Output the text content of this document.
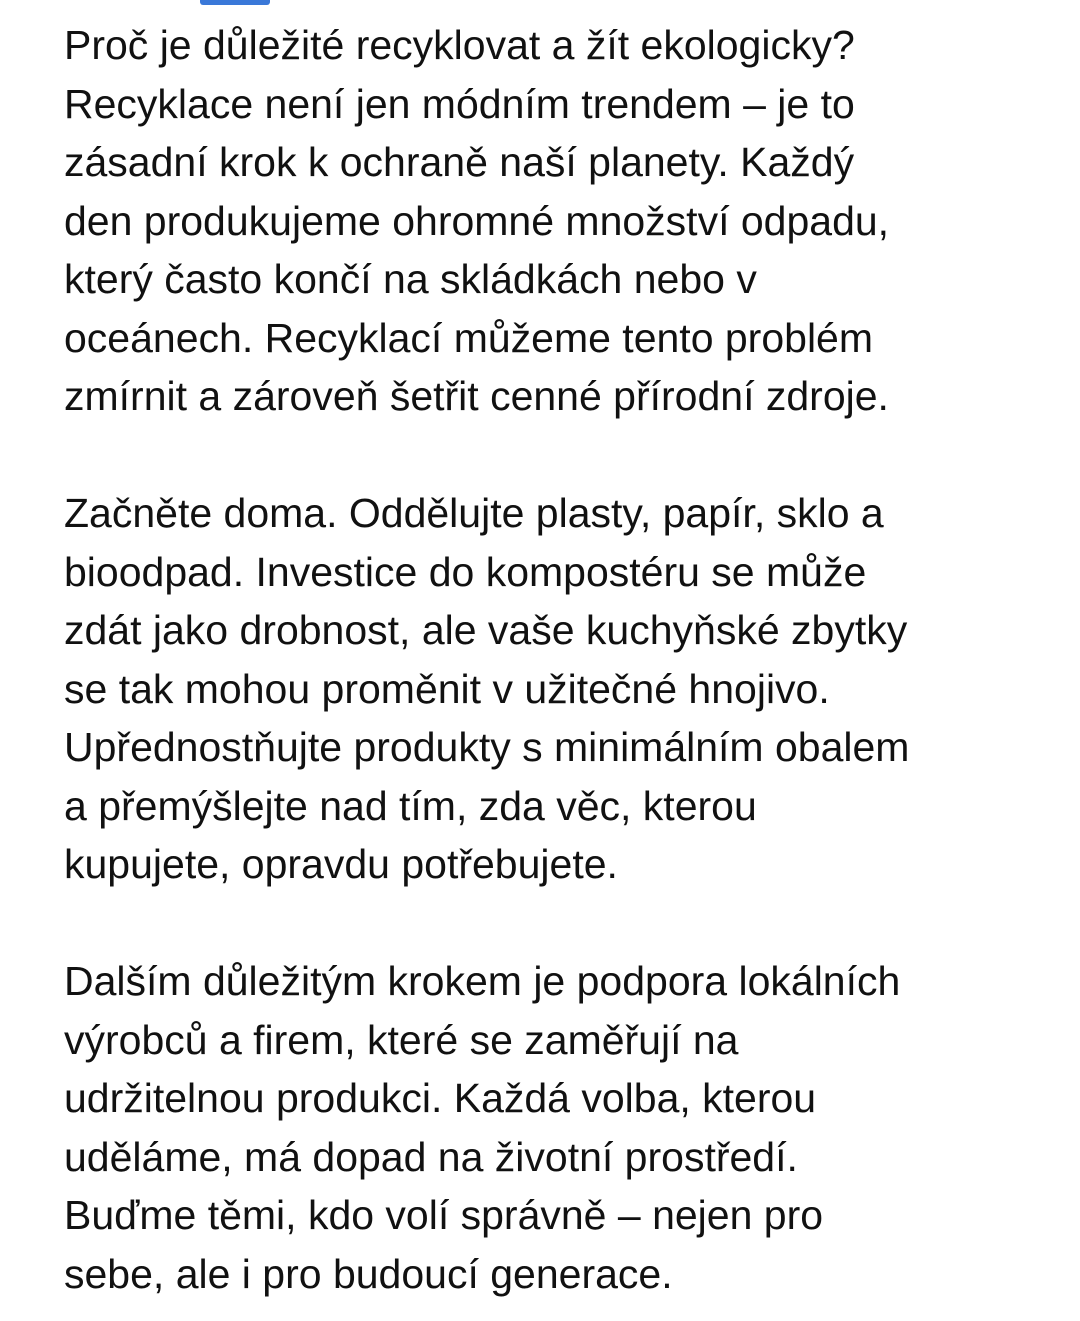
Proč je důležité recyklovat a žít ekologicky?
Recyklace není jen módním trendem – je to
zásadní krok k ochraně naší planety. Každý
den produkujeme ohromné množství odpadu,
který často končí na skládkách nebo v
oceánech. Recyklací můžeme tento problém
zmírnit a zároveň šetřit cenné přírodní zdroje.

Začněte doma. Oddělujte plasty, papír, sklo a
bioodpad. Investice do kompostéru se může
zdát jako drobnost, ale vaše kuchyňské zbytky
se tak mohou proměnit v užitečné hnojivo.
Upřednostňujte produkty s minimálním obalem
a přemýšlejte nad tím, zda věc, kterou
kupujete, opravdu potřebujete.

Dalším důležitým krokem je podpora lokálních
výrobců a firem, které se zaměřují na
udržitelnou produkci. Každá volba, kterou
uděláme, má dopad na životní prostředí.
Buďme těmi, kdo volí správně – nejen pro
sebe, ale i pro budoucí generace.
